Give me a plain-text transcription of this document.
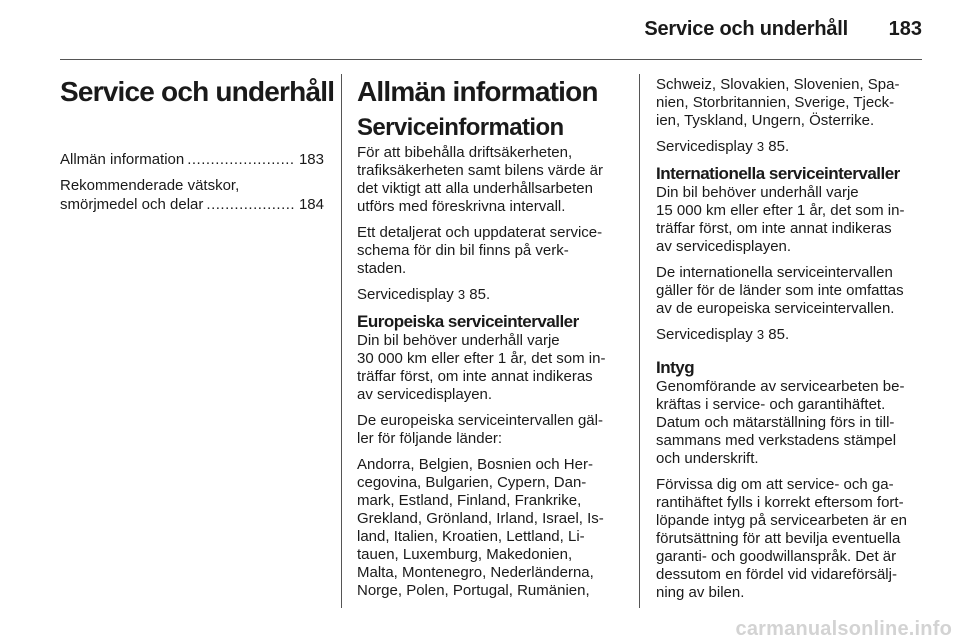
Service och underhåll	183
Service och underhåll
Allmän information .....	183
Rekommenderade vätskor,
smörjmedel och delar .....	184
Allmän information
Serviceinformation

För att bibehålla driftsäkerheten,
trafiksäkerheten samt bilens värde är
det viktigt att alla underhållsarbeten
utförs med föreskrivna intervall.

Ett detaljerat och uppdaterat service-
schema för din bil finns på verk-
staden.

Servicedisplay 3 85.

Europeiska serviceintervaller

Din bil behöver underhåll varje
30 000 km eller efter 1 år, det som in-
träffar först, om inte annat indikeras
av servicedisplayen.

De europeiska serviceintervallen gäl-
ler för följande länder:

Andorra, Belgien, Bosnien och Her-
cegovina, Bulgarien, Cypern, Dan-
mark, Estland, Finland, Frankrike,
Grekland, Grönland, Irland, Israel, Is-
land, Italien, Kroatien, Lettland, Li-
tauen, Luxemburg, Makedonien,
Malta, Montenegro, Nederländerna,
Norge, Polen, Portugal, Rumänien,

Schweiz, Slovakien, Slovenien, Spa-
nien, Storbritannien, Sverige, Tjeck-
ien, Tyskland, Ungern, Österrike.

Servicedisplay 3 85.

Internationella serviceintervaller

Din bil behöver underhåll varje
15 000 km eller efter 1 år, det som in-
träffar först, om inte annat indikeras
av servicedisplayen.

De internationella serviceintervallen
gäller för de länder som inte omfattas
av de europeiska serviceintervallen.

Servicedisplay 3 85.

Intyg

Genomförande av servicearbeten be-
kräftas i service- och garantihäftet.
Datum och mätarställning förs in till-
sammans med verkstadens stämpel
och underskrift.

Förvissa dig om att service- och ga-
rantihäftet fylls i korrekt eftersom fort-
löpande intyg på servicearbeten är en
förutsättning för att bevilja eventuella
garanti- och goodwillanspråk. Det är
dessutom en fördel vid vidareförsälj-
ning av bilen.

carmanualsonline.info
